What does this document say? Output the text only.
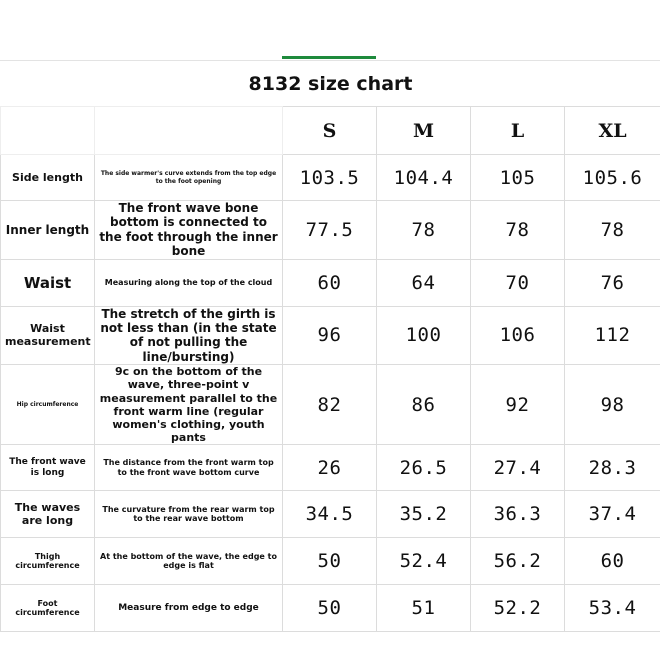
8132 size chart					
		S	M	L	XL
Side length	The side warmer's curve extends from the top edge to the foot opening	103.5	104.4	105	105.6
Inner length	The front wave bone bottom is connected to the foot through the inner bone	77.5	78	78	78
Waist	Measuring along the top of the cloud	60	64	70	76
Waist measurement	The stretch of the girth is not less than (in the state of not pulling the line/bursting)	96	100	106	112
Hip circumference	9c on the bottom of the wave, three-point v measurement parallel to the front warm line (regular women's clothing, youth pants	82	86	92	98
The front wave is long	The distance from the front warm top to the front wave bottom curve	26	26.5	27.4	28.3
The waves are long	The curvature from the rear warm top to the rear wave bottom	34.5	35.2	36.3	37.4
Thigh circumference	At the bottom of the wave, the edge to edge is flat	50	52.4	56.2	60
Foot circumference	Measure from edge to edge	50	51	52.2	53.4
